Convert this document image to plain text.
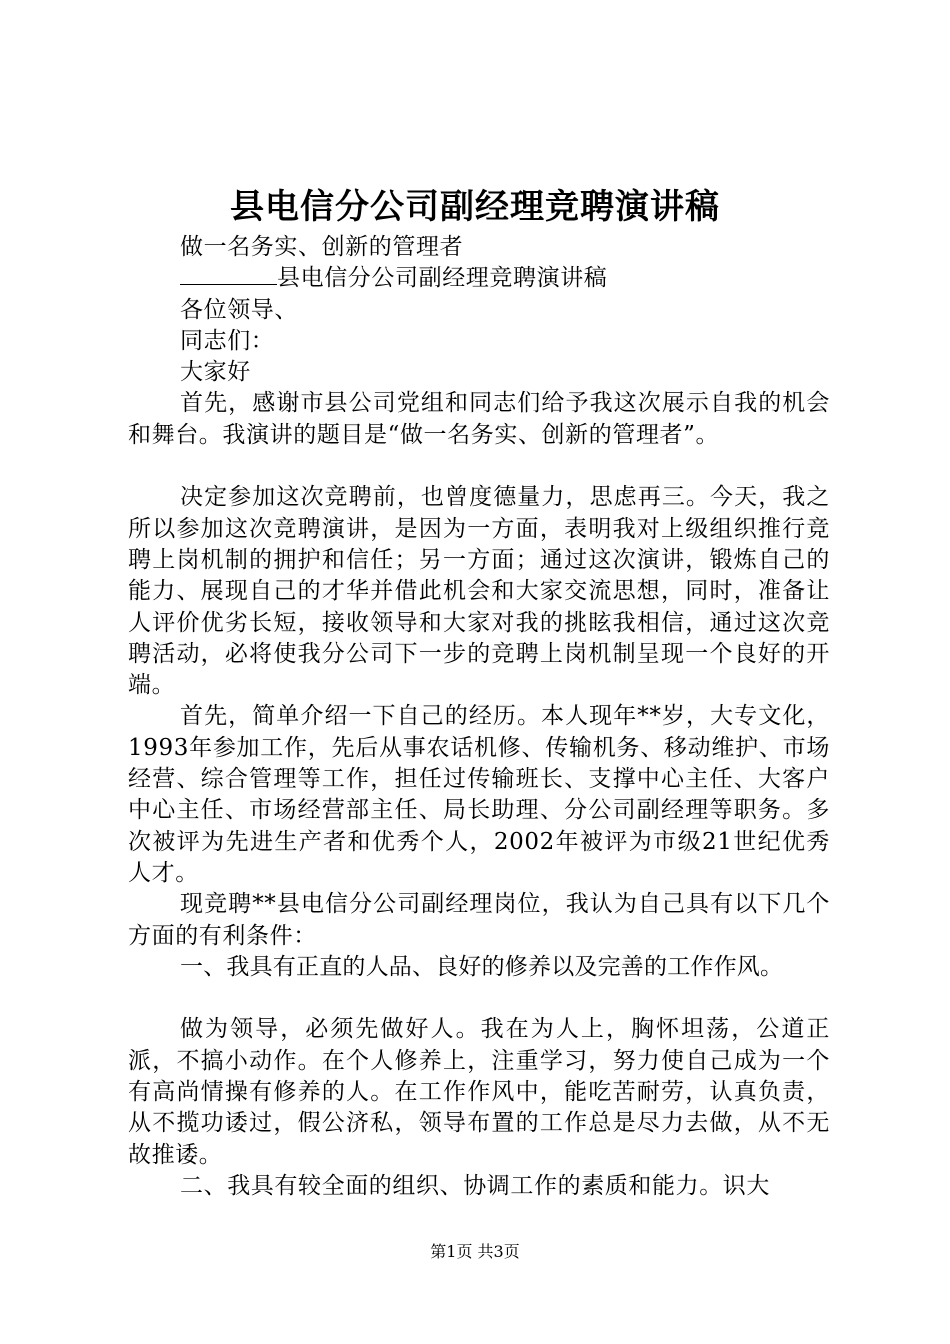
县电信分公司副经理竞聘演讲稿
做一名务实、创新的管理者
县电信分公司副经理竞聘演讲稿
各位领导、
同志们：
大家好

首先，感谢市县公司党组和同志们给予我这次展示自我的机会和舞台。我演讲的题目是“做一名务实、创新的管理者”。

决定参加这次竞聘前，也曾度德量力，思虑再三。今天，我之所以参加这次竞聘演讲，是因为一方面，表明我对上级组织推行竞聘上岗机制的拥护和信任；另一方面；通过这次演讲，锻炼自己的能力、展现自己的才华并借此机会和大家交流思想，同时，准备让人评价优劣长短，接收领导和大家对我的挑眩我相信，通过这次竞聘活动，必将使我分公司下一步的竞聘上岗机制呈现一个良好的开端。

首先，简单介绍一下自己的经历。本人现年**岁，大专文化，1993年参加工作，先后从事农话机修、传输机务、移动维护、市场经营、综合管理等工作，担任过传输班长、支撑中心主任、大客户中心主任、市场经营部主任、局长助理、分公司副经理等职务。多次被评为先进生产者和优秀个人，2002年被评为市级21世纪优秀人才。

现竞聘**县电信分公司副经理岗位，我认为自己具有以下几个方面的有利条件：

一、我具有正直的人品、良好的修养以及完善的工作作风。

做为领导，必须先做好人。我在为人上，胸怀坦荡，公道正派，不搞小动作。在个人修养上，注重学习，努力使自己成为一个有高尚情操有修养的人。在工作作风中，能吃苦耐劳，认真负责，从不揽功诿过，假公济私，领导布置的工作总是尽力去做，从不无故推诿。

二、我具有较全面的组织、协调工作的素质和能力。识大

第1页 共3页
